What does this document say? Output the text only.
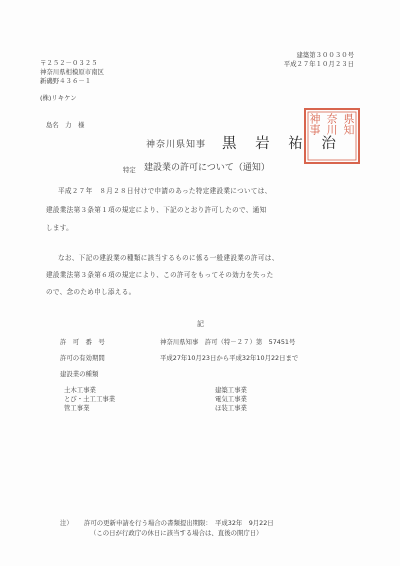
建築第３００３０号
平成２７年１０月２３日
〒２５２－０３２５
神奈川県相模原市南区
新磯野４３６－１
(株)リキケン
島名　力　様
神奈川県知事 黒 岩 祐 治
神事 奈川 県知
特定 建設業の許可について（通知）
平成２７年　８月２８日付けで申請のあった特定建設業については、
建設業法第３条第１項の規定により、下記のとおり許可したので、通知
します。
なお、下記の建設業の種類に該当するものに係る一般建設業の許可は、
建設業法第３条第６項の規定により、この許可をもってその効力を失った
ので、念のため申し添える。
記
許　可　番　号	神奈川県知事　許可（特－２７）第　57451号
許可の有効期間	平成27年10月23日から平成32年10月22日まで
建設業の種類
土木工事業
とび・土工工事業
管工事業
建築工事業
電気工事業
ほ装工事業
注） 許可の更新申請を行う場合の書類提出期限：　平成32年　9月22日
（この日が行政庁の休日に該当する場合は、直後の開庁日）
